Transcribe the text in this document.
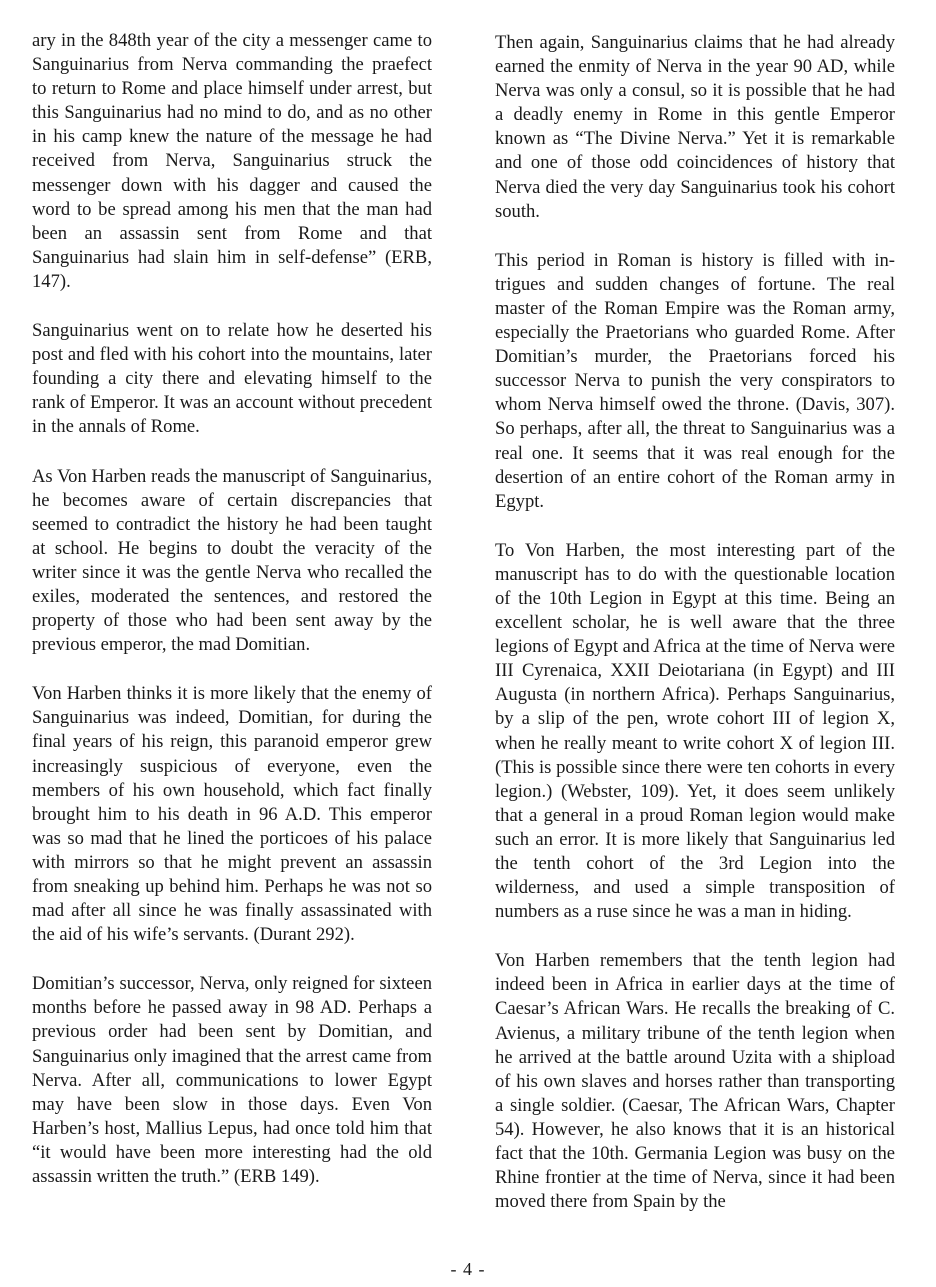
ary in the 848th year of the city a messenger came to Sanguinarius from Nerva commanding the praefect to return to Rome and place himself under arrest, but this Sanguinarius had no mind to do, and as no other in his camp knew the nature of the message he had received from Nerva, Sanguinarius struck the messenger down with his dagger and caused the word to be spread among his men that the man had been an assassin sent from Rome and that Sanguinarius had slain him in self-defense” (ERB, 147).

Sanguinarius went on to relate how he deserted his post and fled with his cohort into the mountains, later founding a city there and elevating himself to the rank of Emperor. It was an account without precedent in the annals of Rome.

As Von Harben reads the manuscript of Sanguinarius, he becomes aware of certain discrepancies that seemed to contradict the history he had been taught at school. He begins to doubt the veracity of the writer since it was the gentle Nerva who recalled the exiles, moderated the sentences, and restored the property of those who had been sent away by the previous emperor, the mad Domitian.

Von Harben thinks it is more likely that the enemy of Sanguinarius was indeed, Domitian, for during the final years of his reign, this paranoid emperor grew increasingly suspicious of everyone, even the members of his own household, which fact finally brought him to his death in 96 A.D. This emperor was so mad that he lined the porticoes of his palace with mirrors so that he might prevent an assassin from sneaking up behind him. Perhaps he was not so mad after all since he was finally assassinated with the aid of his wife’s servants. (Durant 292).

Domitian’s successor, Nerva, only reigned for sixteen months before he passed away in 98 AD. Perhaps a previous order had been sent by Domitian, and Sanguinarius only imagined that the arrest came from Nerva. After all, communications to lower Egypt may have been slow in those days. Even Von Harben’s host, Mallius Lepus, had once told him that “it would have been more interesting had the old assassin written the truth.” (ERB 149).

Then again, Sanguinarius claims that he had already earned the enmity of Nerva in the year 90 AD, while Nerva was only a consul, so it is possible that he had a deadly enemy in Rome in this gentle Emperor known as “The Divine Nerva.” Yet it is remarkable and one of those odd coincidences of history that Nerva died the very day Sanguinarius took his cohort south.

This period in Roman is history is filled with intrigues and sudden changes of fortune. The real master of the Roman Empire was the Roman army, especially the Praetorians who guarded Rome. After Domitian’s murder, the Praetorians forced his successor Nerva to punish the very conspirators to whom Nerva himself owed the throne. (Davis, 307). So perhaps, after all, the threat to Sanguinarius was a real one. It seems that it was real enough for the desertion of an entire cohort of the Roman army in Egypt.

To Von Harben, the most interesting part of the manuscript has to do with the questionable location of the 10th Legion in Egypt at this time. Being an excellent scholar, he is well aware that the three legions of Egypt and Africa at the time of Nerva were III Cyrenaica, XXII Deiotariana (in Egypt) and III Augusta (in northern Africa). Perhaps Sanguinarius, by a slip of the pen, wrote cohort III of legion X, when he really meant to write cohort X of legion III. (This is possible since there were ten cohorts in every legion.) (Webster, 109). Yet, it does seem unlikely that a general in a proud Roman legion would make such an error. It is more likely that Sanguinarius led the tenth cohort of the 3rd Legion into the wilderness, and used a simple transposition of numbers as a ruse since he was a man in hiding.

Von Harben remembers that the tenth legion had indeed been in Africa in earlier days at the time of Caesar’s African Wars. He recalls the breaking of C. Avienus, a military tribune of the tenth legion when he arrived at the battle around Uzita with a shipload of his own slaves and horses rather than transporting a single soldier. (Caesar, The African Wars, Chapter 54). However, he also knows that it is an historical fact that the 10th. Germania Legion was busy on the Rhine frontier at the time of Nerva, since it had been moved there from Spain by the

- 4 -
